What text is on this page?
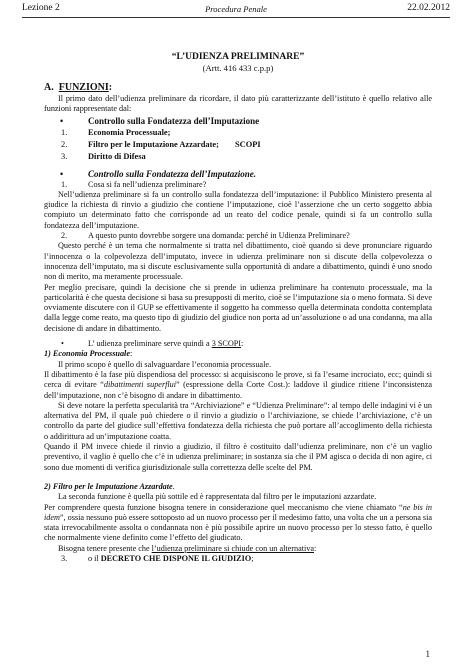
Lezione 2	Procedura Penale	22.02.2012
“L’UDIENZA PRELIMINARE”
(Artt. 416 433 c.p.p)
A. FUNZIONI:

Il primo dato dell’udienza preliminare da ricordare, il dato più caratterizzante dell’istituto è quello relativo alle funzioni rappresentate dal:

•	Controllo sulla Fondatezza dell’Imputazione
1. Economia Processuale;
2. Filtro per le Imputazione Azzardate; SCOPI
3. Diritto di Difesa
•	Controllo sulla Fondatezza dell’Imputazione.
1.	Cosa si fa nell’udienza preliminare?

Nell’udienza preliminare si fa un controllo sulla fondatezza dell’imputazione: il Pubblico Ministero presenta al giudice la richiesta di rinvio a giudizio che contiene l’imputazione, cioè l’asserzione che un certo soggetto abbia compiuto un determinato fatto che corrisponde ad un reato del codice penale, quindi si fa un controllo sulla fondatezza dell’imputazione.

2.	A questo punto dovrebbe sorgere una domanda: perché in Udienza Preliminare?

Questo perché è un tema che normalmente si tratta nel dibattimento, cioè quando si deve pronunciare riguardo l’innocenza o la colpevolezza dell’imputato, invece in udienza preliminare non si discute della colpevolezza o innocenza dell’imputato, ma si discute esclusivamente sulla opportunità di andare a dibattimento, quindi è uno snodo non di merito, ma meramente processuale.

Per meglio precisare, quindi la decisione che si prende in udienza preliminare ha contenuto processuale, ma la particolarità è che questa decisione si basa su presupposti di merito, cioè se l’imputazione sia o meno formata. Si deve ovviamente discutere con il GUP se effettivamente il soggetto ha commesso quella determinata condotta contemplata dalla legge come reato, ma questo tipo di giudizio del giudice non porta ad un’assoluzione o ad una condanna, ma alla decisione di andare in dibattimento.

•	L’ udienza preliminare serve quindi a 3 SCOPI:
1) Economia Processuale:

Il primo scopo è quello di salvaguardare l’economia processuale.

Il dibattimento è la fase più dispendiosa del processo: si acquisiscono le prove, si fa l’esame incrociato, ecc; quindi si cerca di evitare “dibattimenti superflui” (espressione della Corte Cost.): laddove il giudice ritiene l’inconsistenza dell’imputazione, non c’è bisogno di andare in dibattimento.

Si deve notare la perfetta specularità tra “Archiviazione” e “Udienza Preliminare”: al tempo delle indagini vi è un alternativa del PM, il quale può chiedere o il rinvio a giudizio o l’archiviazione, se chiede l’archiviazione, c’è un controllo da parte del giudice sull’effettiva fondatezza della richiesta che può portare all’accoglimento della richiesta o addirittura ad un’imputazione coatta.

Quando il PM invece chiede il rinvio a giudizio, il filtro è costituito dall’udienza preliminare, non c’è un vaglio preventivo, il vaglio è quello che c’è in udienza preliminare; in sostanza sia che il PM agisca o decida di non agire, ci sono due momenti di verifica giurisdizionale sulla correttezza delle scelte del PM.

2) Filtro per le Imputazione Azzardate.

La seconda funzione è quella più sottile ed è rappresentata dal filtro per le imputazioni azzardate.

Per comprendere questa funzione bisogna tenere in considerazione quel meccanismo che viene chiamato “ne bis in idem”, ossia nessuno può essere sottoposto ad un nuovo processo per il medesimo fatto, una volta che un a persona sia stata irrevocabilmente assolta o condannata non è più possibile aprire un nuovo processo per lo stesso fatto, è quello che normalmente viene definito come l’effetto del giudicato.

Bisogna tenere presente che l’udienza preliminare si chiude con un alternativa:

3.	o il DECRETO CHE DISPONE IL GIUDIZIO;
1
